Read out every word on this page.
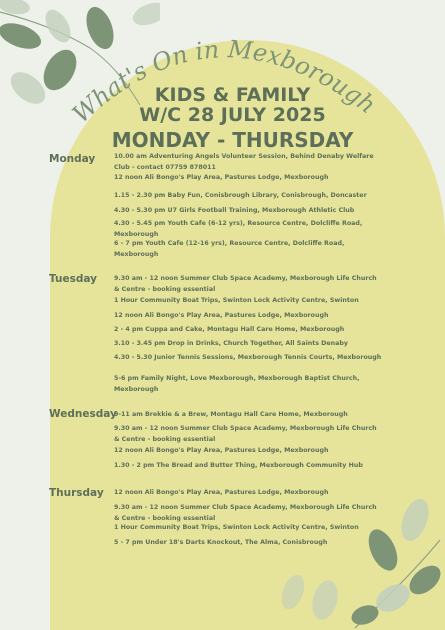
What's On in Mexborough
KIDS & FAMILY
W/C 28 JULY 2025
MONDAY - THURSDAY
Monday	10.00 am Adventuring Angels Volunteer Session, Behind Denaby Welfare Club - contact 07759 878011
12 noon Ali Bongo's Play Area, Pastures Lodge, Mexborough
1.15 - 2.30 pm Baby Fun, Conisbrough Library, Conisbrough, Doncaster
4.30 - 5.30 pm U7 Girls Football Training, Mexborough Athletic Club
4.30 - 5.45 pm Youth Cafe (6-12 yrs), Resource Centre, Dolcliffe Road, Mexborough
6 - 7 pm Youth Cafe (12-16 yrs), Resource Centre, Dolcliffe Road, Mexborough
Tuesday	9.30 am - 12 noon Summer Club Space Academy, Mexborough Life Church & Centre - booking essential
1 Hour Community Boat Trips, Swinton Lock Activity Centre, Swinton
12 noon Ali Bongo's Play Area, Pastures Lodge, Mexborough
2 - 4 pm Cuppa and Cake, Montagu Hall Care Home, Mexborough
3.10 - 3.45 pm Drop in Drinks, Church Together, All Saints Denaby
4.30 - 5.30 Junior Tennis Sessions, Mexborough Tennis Courts, Mexborough
5-6 pm Family Night, Love Mexborough, Mexborough Baptist Church, Mexborough
Wednesday
9-11 am Brekkie & a Brew, Montagu Hall Care Home, Mexborough
9.30 am - 12 noon Summer Club Space Academy, Mexborough Life Church & Centre - booking essential
12 noon Ali Bongo's Play Area, Pastures Lodge, Mexborough
1.30 - 2 pm The Bread and Butter Thing, Mexborough Community Hub
Thursday 12 noon Ali Bongo's Play Area, Pastures Lodge, Mexborough
9.30 am - 12 noon Summer Club Space Academy, Mexborough Life Church & Centre - booking essential
1 Hour Community Boat Trips, Swinton Lock Activity Centre, Swinton
5 - 7 pm Under 18's Darts Knockout, The Alma, Conisbrough
